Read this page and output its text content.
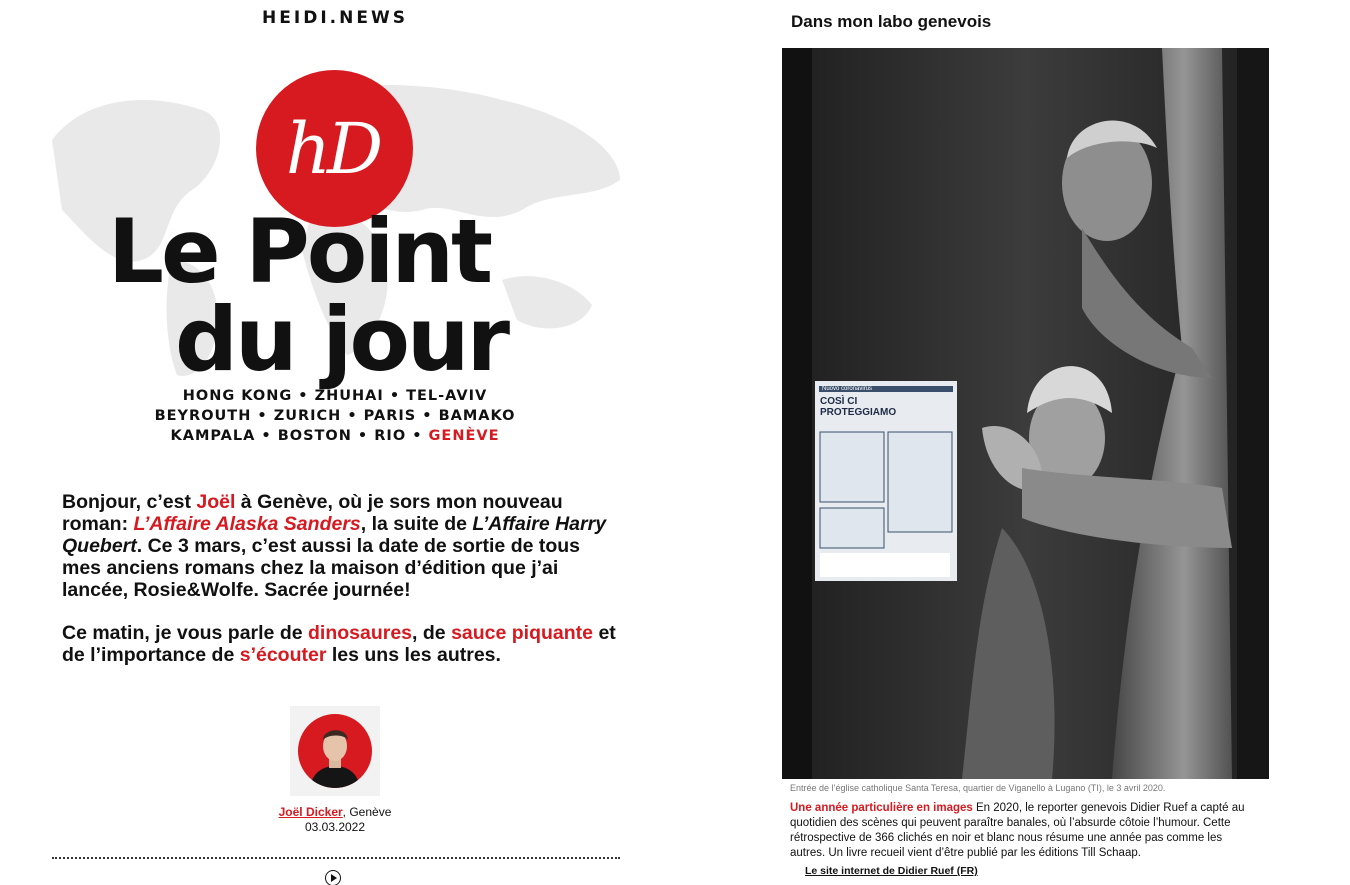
HEIDI.NEWS
hD
Le Point
du jour
HONG KONG • ZHUHAI • TEL-AVIV
BEYROUTH • ZURICH • PARIS • BAMAKO
KAMPALA • BOSTON • RIO • GENÈVE
Bonjour, c’est Joël à Genève, où je sors mon nouveau roman: L’Affaire Alaska Sanders, la suite de L’Affaire Harry Quebert. Ce 3 mars, c’est aussi la date de sortie de tous mes anciens romans chez la maison d’édition que j’ai lancée, Rosie&Wolfe. Sacrée journée!
Ce matin, je vous parle de dinosaures, de sauce piquante et de l’importance de s’écouter les uns les autres.
Joël Dicker, Genève
03.03.2022
Dans mon labo genevois
Nuovo coronavirus
COSÌ CI
PROTEGGIAMO
Entrée de l’église catholique Santa Teresa, quartier de Viganello à Lugano (TI), le 3 avril 2020.
Une année particulière en images En 2020, le reporter genevois Didier Ruef a capté au quotidien des scènes qui peuvent paraître banales, où l’absurde côtoie l’humour. Cette rétrospective de 366 clichés en noir et blanc nous résume une année pas comme les autres. Un livre recueil vient d’être publié par les éditions Till Schaap.
Le site internet de Didier Ruef (FR)
